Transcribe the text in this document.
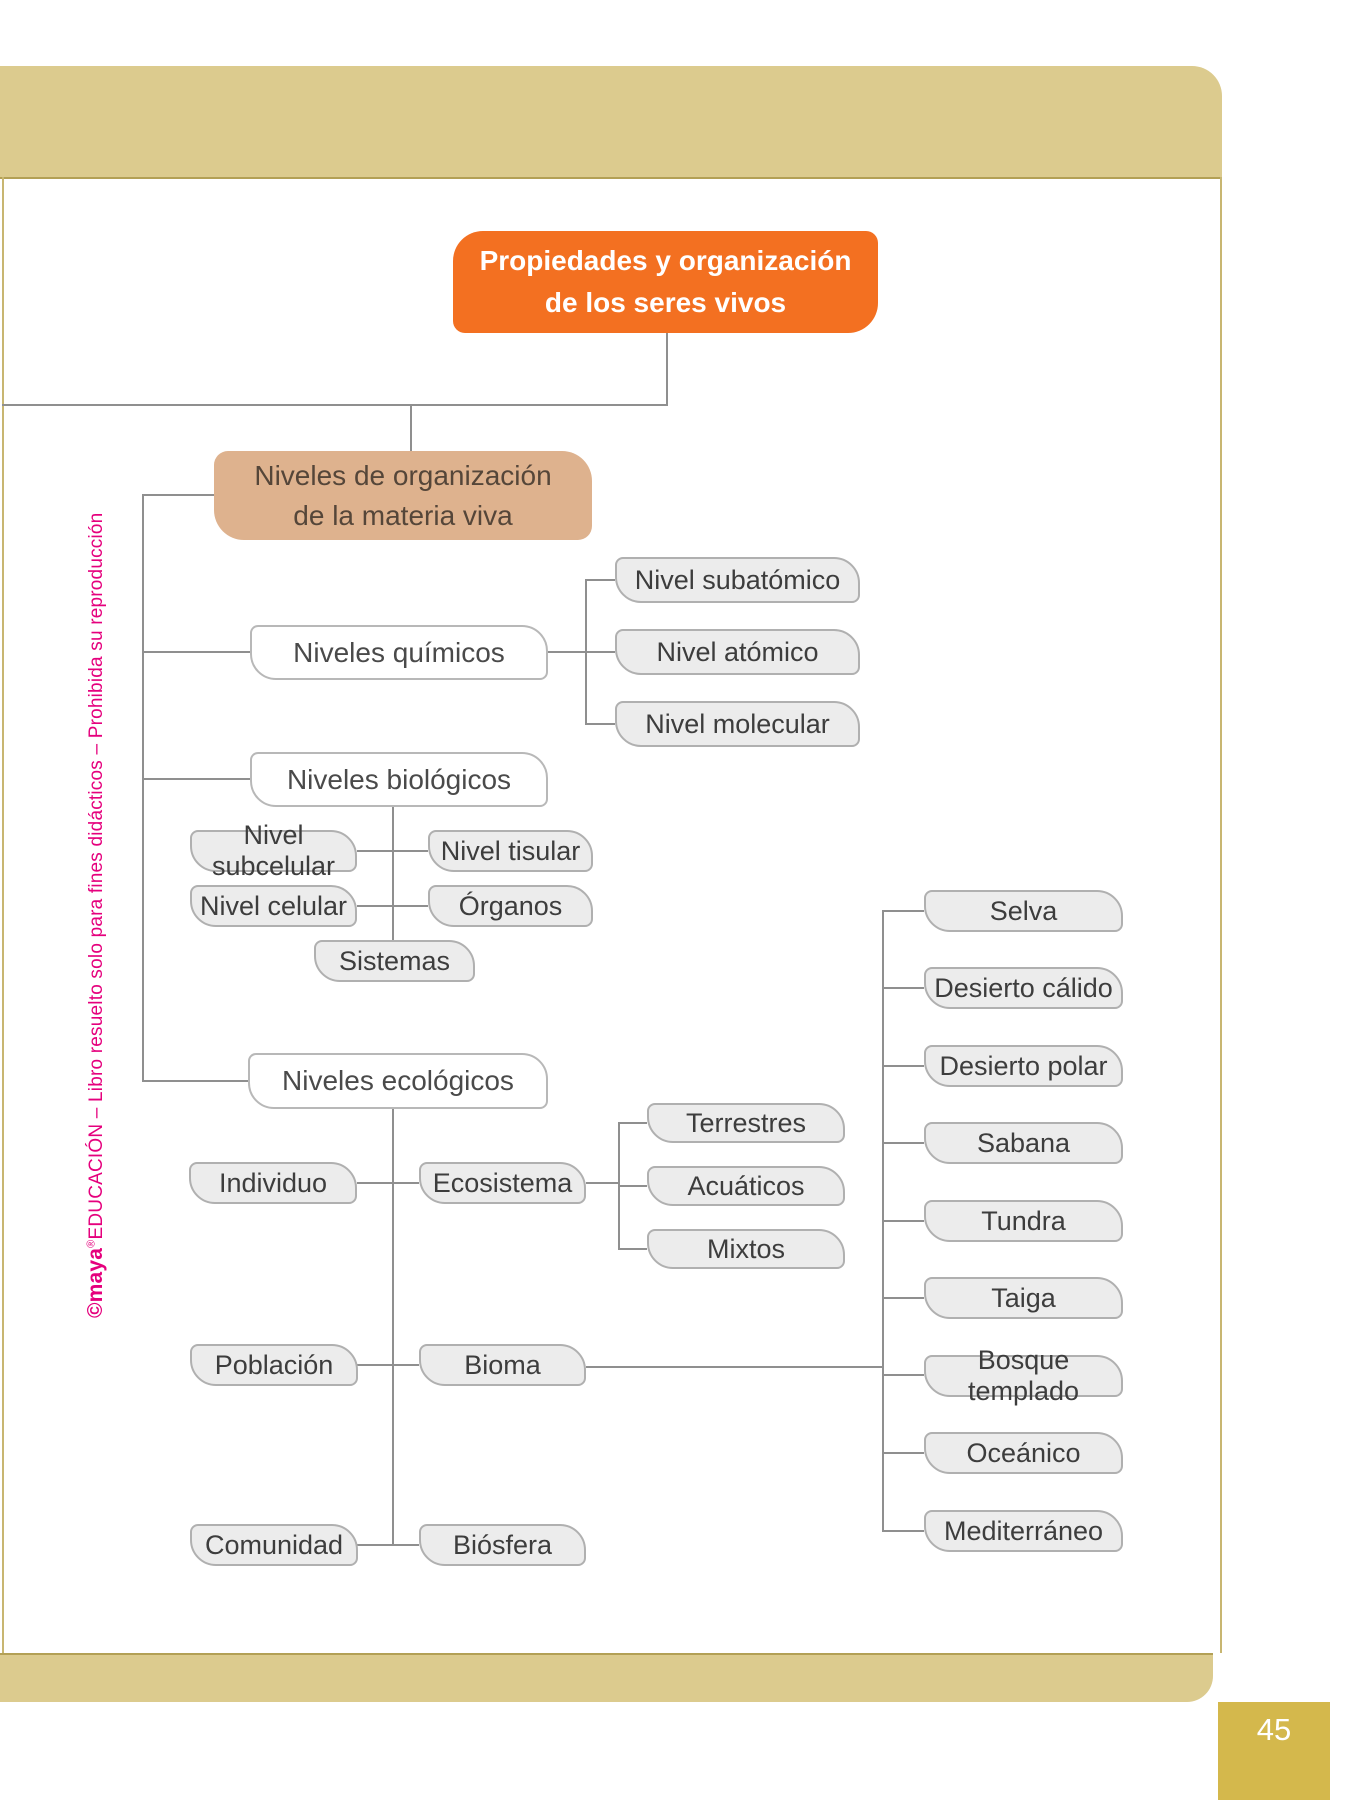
45
©maya®EDUCACIÓN – Libro resuelto solo para fines didácticos – Prohibida su reproducción
Propiedades y organización
de los seres vivos
Niveles de organización
de la materia viva
Niveles químicos
Nivel subatómico
Nivel atómico
Nivel molecular
Niveles biológicos
Nivel subcelular
Nivel tisular
Nivel celular	Órganos
Sistemas
Niveles ecológicos
Individuo	Ecosistema
Terrestres
Acuáticos
Mixtos
Población	Bioma
Comunidad	Biósfera
Selva
Desierto cálido
Desierto polar
Sabana
Tundra
Taiga
Bosque templado
Oceánico
Mediterráneo
